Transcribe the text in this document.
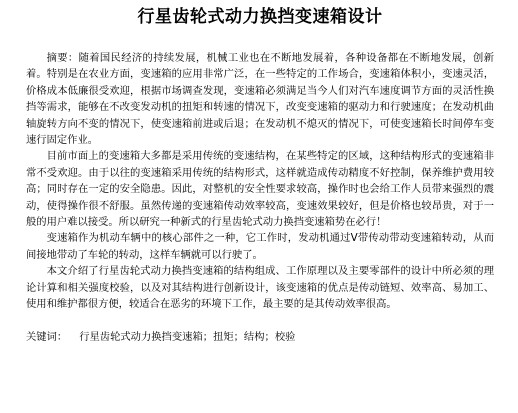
行星齿轮式动力换挡变速箱设计

摘要：随着国民经济的持续发展，机械工业也在不断地发展着，各种设备都在不断地发展，创新着。特别是在农业方面，变速箱的应用非常广泛，在一些特定的工作场合，变速箱体积小，变速灵活，价格成本低廉很受欢迎，根据市场调查发现，变速箱必须满足当今人们对汽车速度调节方面的灵活性换挡等需求，能够在不改变发动机的扭矩和转速的情况下，改变变速箱的驱动力和行驶速度；在发动机曲轴旋转方向不变的情况下，使变速箱前进或后退；在发动机不熄灭的情况下，可使变速箱长时间停车变速行固定作业。

目前市面上的变速箱大多都是采用传统的变速结构，在某些特定的区域，这种结构形式的变速箱非常不受欢迎。由于以往的变速箱采用传统的结构形式，这样就造成传动精度不好控制，保养维护费用较高；同时存在一定的安全隐患。因此，对整机的安全性要求较高，操作时也会给工作人员带来强烈的震动，使得操作很不舒服。虽然传递的变速箱传动效率较高，变速效果较好，但是价格也较昂贵，对于一般的用户难以接受。所以研究一种新式的行星齿轮式动力换挡变速箱势在必行！

变速箱作为机动车辆中的核心部件之一种，它工作时，发动机通过V带传动带动变速箱转动，从而间接地带动了车轮的转动，这样车辆就可以行驶了。

本文介绍了行星齿轮式动力换挡变速箱的结构组成、工作原理以及主要零部件的设计中所必须的理论计算和相关强度校验，以及对其结构进行创新设计，该变速箱的优点是传动链短、效率高、易加工、使用和维护都很方便，较适合在恶劣的环境下工作，最主要的是其传动效率很高。

关键词： 行星齿轮式动力换挡变速箱；扭矩；结构；校验
